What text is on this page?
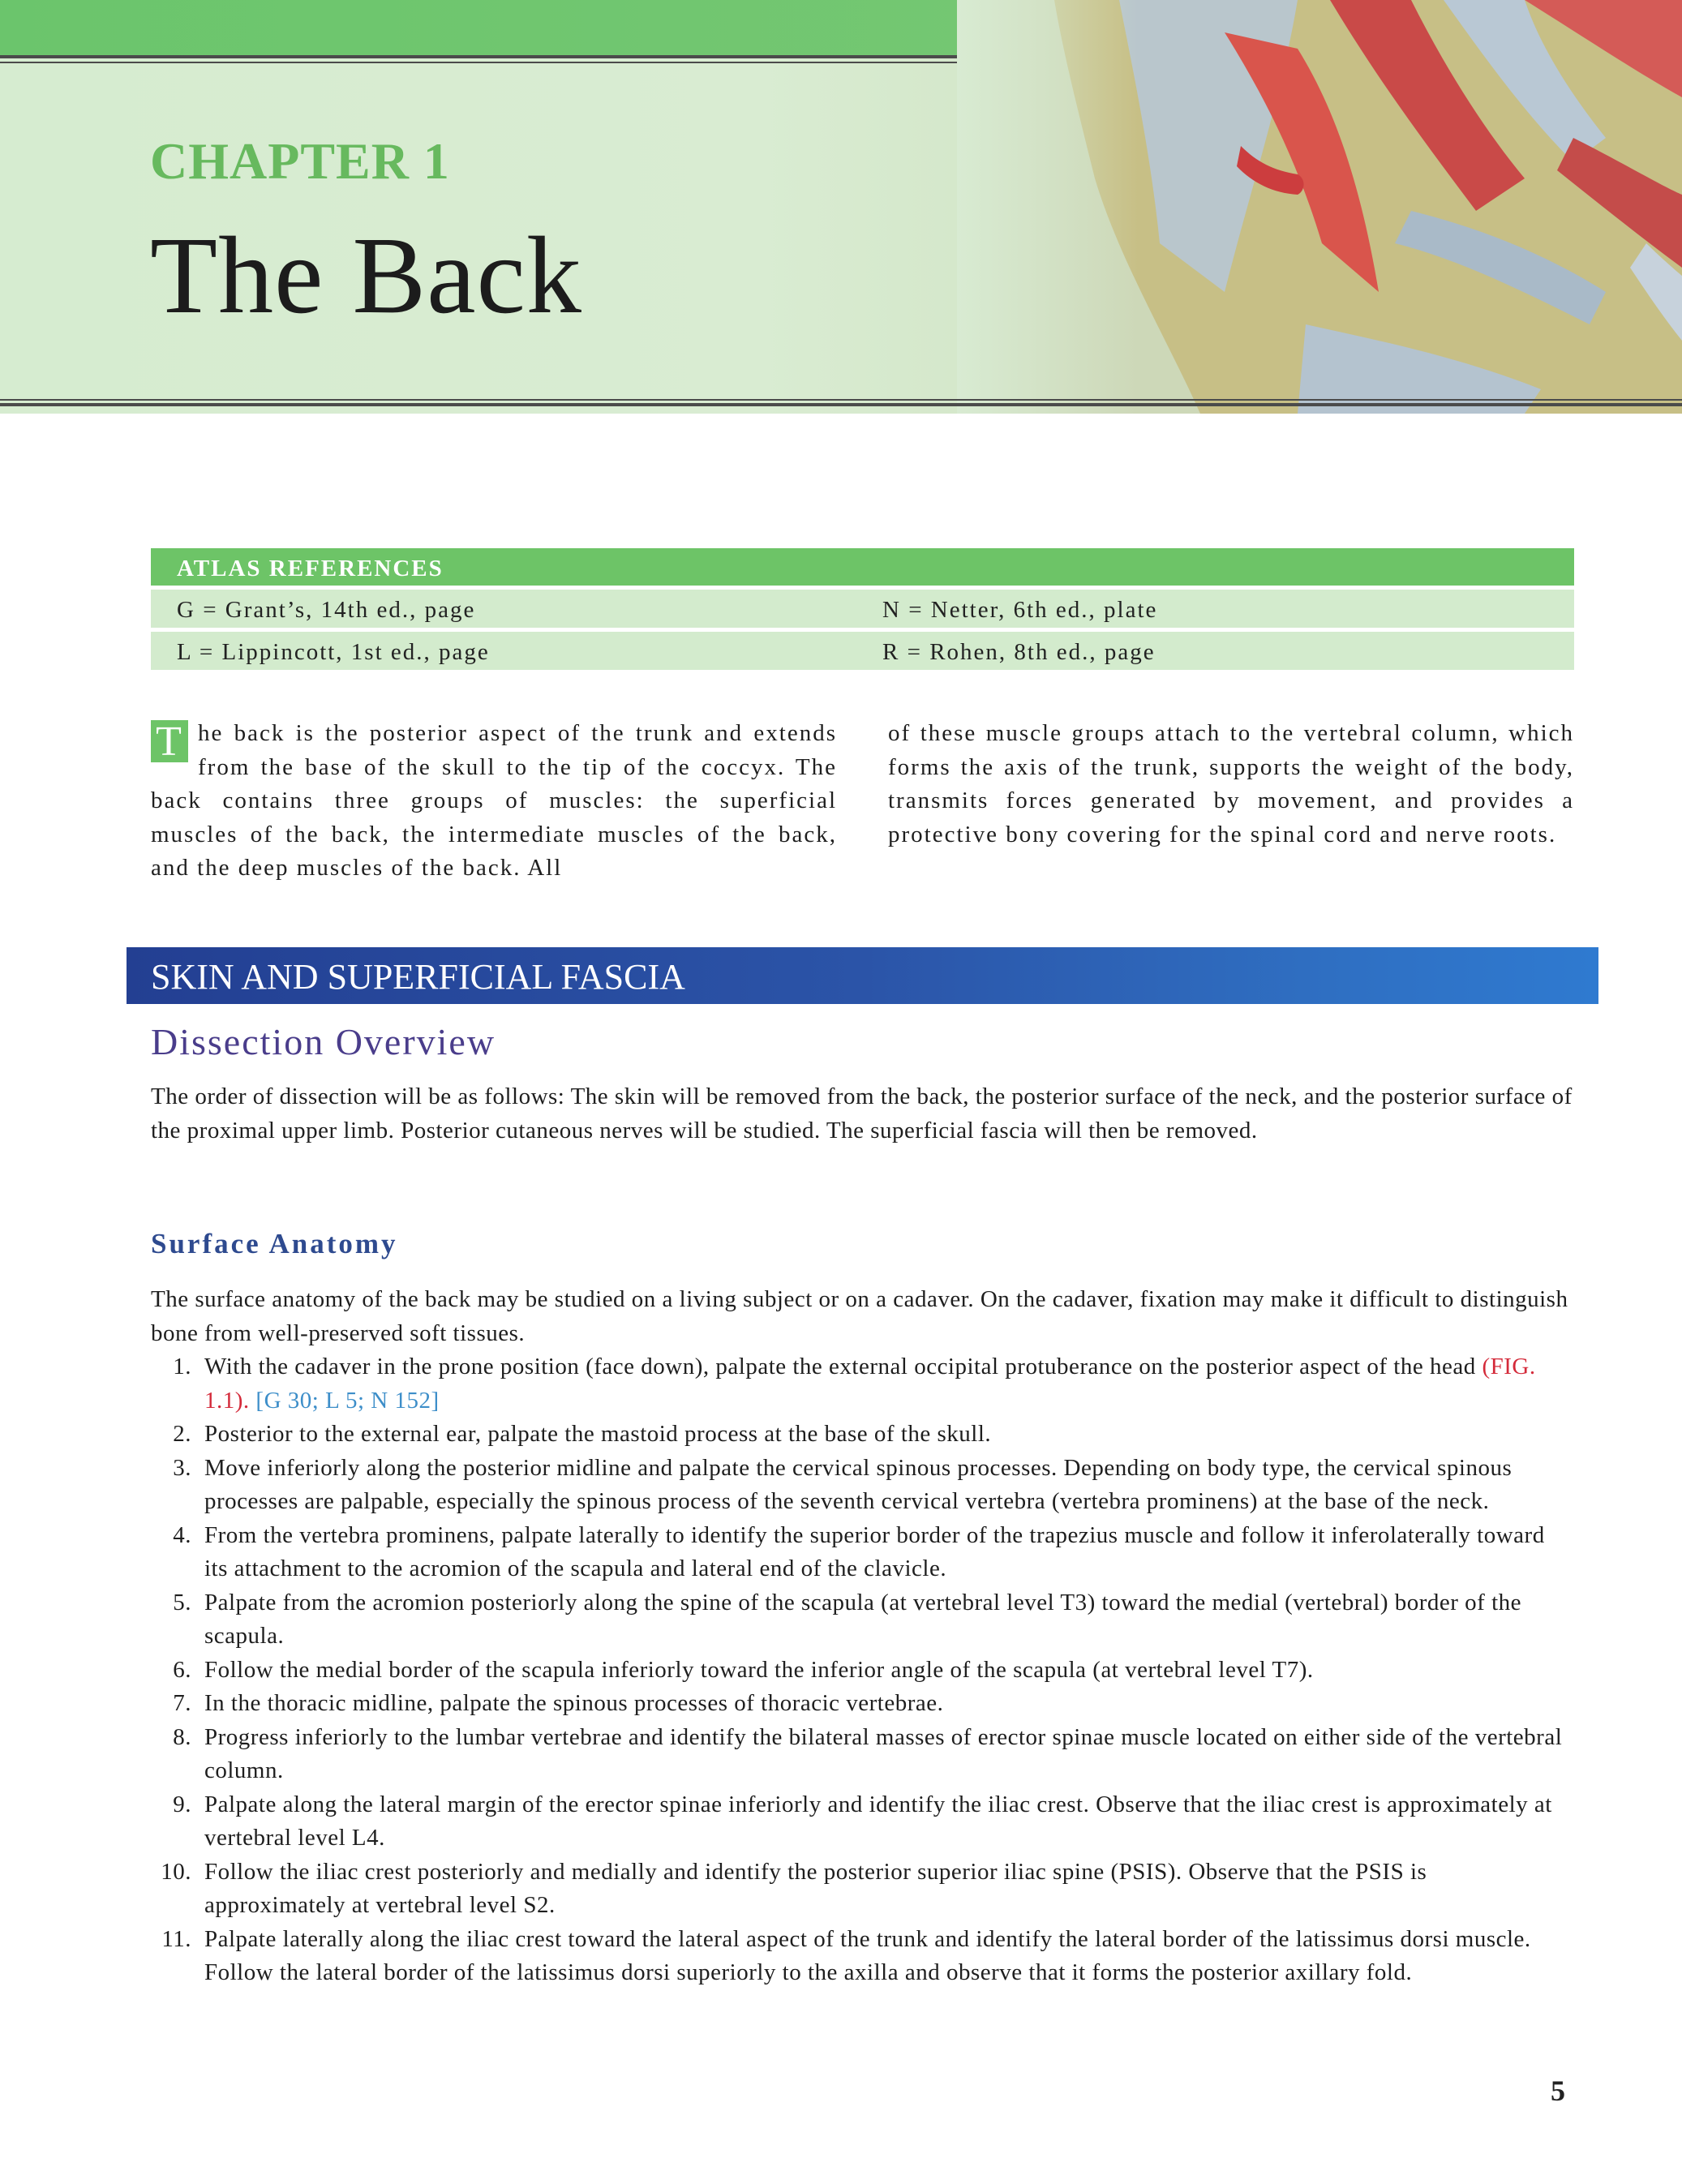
CHAPTER 1
The Back
ATLAS REFERENCES
G = Grant’s, 14th ed., page	N = Netter, 6th ed., plate
L = Lippincott, 1st ed., page	R = Rohen, 8th ed., page
T he back is the posterior aspect of the trunk and extends from the base of the skull to the tip of the coccyx. The back contains three groups of muscles: the superficial muscles of the back, the intermediate muscles of the back, and the deep muscles of the back. All
of these muscle groups attach to the vertebral column, which forms the axis of the trunk, supports the weight of the body, transmits forces generated by movement, and provides a protective bony covering for the spinal cord and nerve roots.
SKIN AND SUPERFICIAL FASCIA
Dissection Overview

The order of dissection will be as follows: The skin will be removed from the back, the posterior surface of the neck, and the posterior surface of the proximal upper limb. Posterior cutaneous nerves will be studied. The superficial fascia will then be removed.

Surface Anatomy

The surface anatomy of the back may be studied on a living subject or on a cadaver. On the cadaver, fixation may make it difficult to distinguish bone from well-preserved soft tissues.

1. With the cadaver in the prone position (face down), palpate the external occipital protuberance on the posterior aspect of the head (FIG. 1.1). [G 30; L 5; N 152]
2. Posterior to the external ear, palpate the mastoid process at the base of the skull.
3. Move inferiorly along the posterior midline and palpate the cervical spinous processes. Depending on body type, the cervical spinous processes are palpable, especially the spinous process of the seventh cervical vertebra (vertebra prominens) at the base of the neck.
4. From the vertebra prominens, palpate laterally to identify the superior border of the trapezius muscle and follow it inferolaterally toward its attachment to the acromion of the scapula and lateral end of the clavicle.
5. Palpate from the acromion posteriorly along the spine of the scapula (at vertebral level T3) toward the medial (vertebral) border of the scapula.
6. Follow the medial border of the scapula inferiorly toward the inferior angle of the scapula (at vertebral level T7).
7. In the thoracic midline, palpate the spinous processes of thoracic vertebrae.
8. Progress inferiorly to the lumbar vertebrae and identify the bilateral masses of erector spinae muscle located on either side of the vertebral column.
9. Palpate along the lateral margin of the erector spinae inferiorly and identify the iliac crest. Observe that the iliac crest is approximately at vertebral level L4.
10. Follow the iliac crest posteriorly and medially and identify the posterior superior iliac spine (PSIS). Observe that the PSIS is approximately at vertebral level S2.
11. Palpate laterally along the iliac crest toward the lateral aspect of the trunk and identify the lateral border of the latissimus dorsi muscle. Follow the lateral border of the latissimus dorsi superiorly to the axilla and observe that it forms the posterior axillary fold.
5
